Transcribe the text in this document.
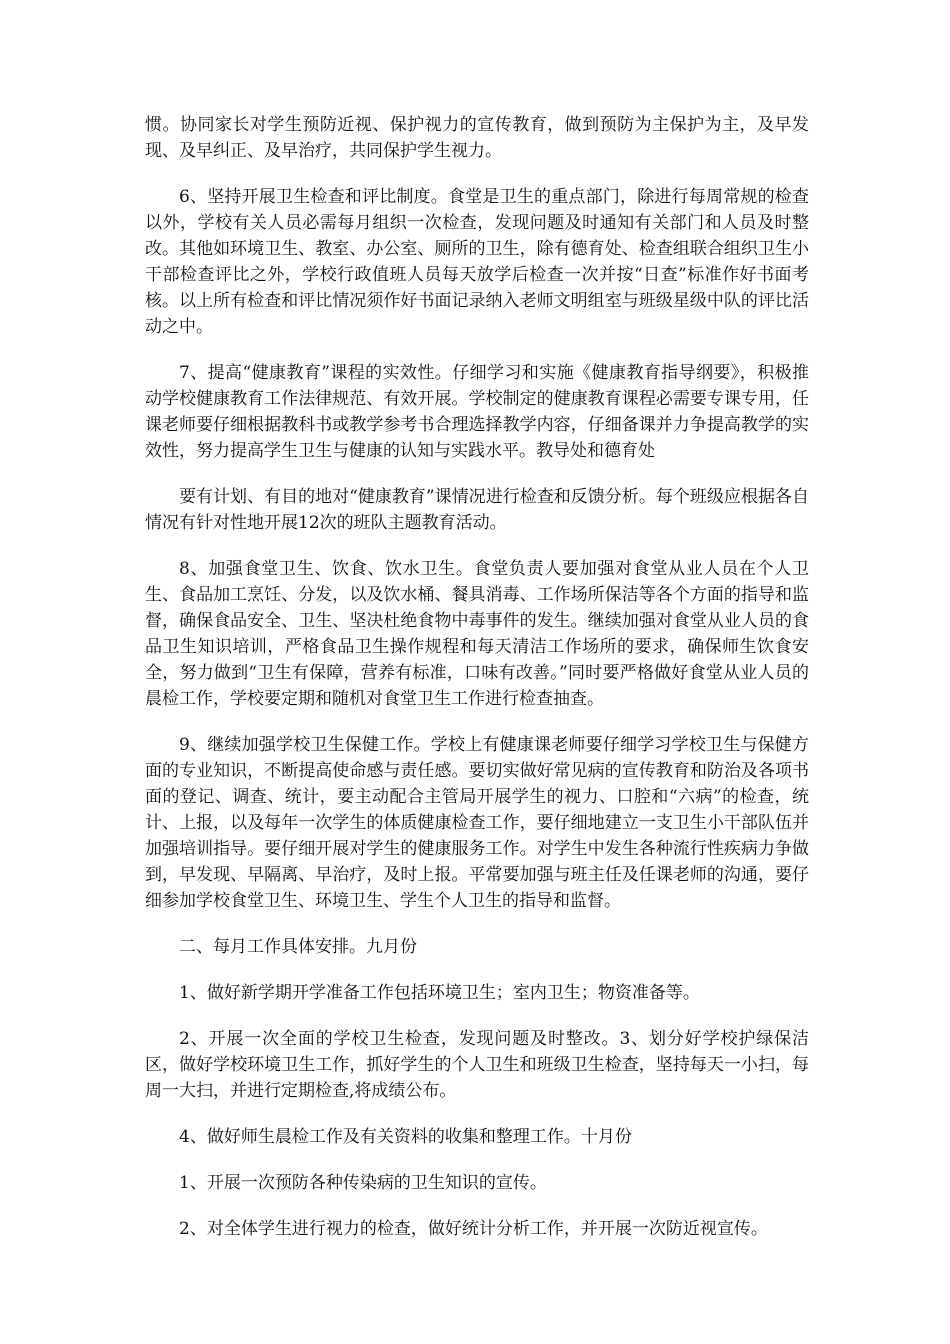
惯。协同家长对学生预防近视、保护视力的宣传教育，做到预防为主保护为主，及早发现、及早纠正、及早治疗，共同保护学生视力。

6、坚持开展卫生检查和评比制度。食堂是卫生的重点部门，除进行每周常规的检查以外，学校有关人员必需每月组织一次检查，发现问题及时通知有关部门和人员及时整改。其他如环境卫生、教室、办公室、厕所的卫生，除有德育处、检查组联合组织卫生小干部检查评比之外，学校行政值班人员每天放学后检查一次并按“日查”标准作好书面考核。以上所有检查和评比情况须作好书面记录纳入老师文明组室与班级星级中队的评比活动之中。

7、提高“健康教育”课程的实效性。仔细学习和实施《健康教育指导纲要》，积极推动学校健康教育工作法律规范、有效开展。学校制定的健康教育课程必需要专课专用，任课老师要仔细根据教科书或教学参考书合理选择教学内容，仔细备课并力争提高教学的实效性，努力提高学生卫生与健康的认知与实践水平。教导处和德育处

要有计划、有目的地对“健康教育”课情况进行检查和反馈分析。每个班级应根据各自情况有针对性地开展12次的班队主题教育活动。

8、加强食堂卫生、饮食、饮水卫生。食堂负责人要加强对食堂从业人员在个人卫生、食品加工烹饪、分发，以及饮水桶、餐具消毒、工作场所保洁等各个方面的指导和监督，确保食品安全、卫生、坚决杜绝食物中毒事件的发生。继续加强对食堂从业人员的食品卫生知识培训，严格食品卫生操作规程和每天清洁工作场所的要求，确保师生饮食安全，努力做到“卫生有保障，营养有标准，口味有改善。”同时要严格做好食堂从业人员的晨检工作，学校要定期和随机对食堂卫生工作进行检查抽查。

9、继续加强学校卫生保健工作。学校上有健康课老师要仔细学习学校卫生与保健方面的专业知识，不断提高使命感与责任感。要切实做好常见病的宣传教育和防治及各项书面的登记、调查、统计，要主动配合主管局开展学生的视力、口腔和“六病”的检查，统计、上报，以及每年一次学生的体质健康检查工作，要仔细地建立一支卫生小干部队伍并加强培训指导。要仔细开展对学生的健康服务工作。对学生中发生各种流行性疾病力争做到，早发现、早隔离、早治疗，及时上报。平常要加强与班主任及任课老师的沟通，要仔细参加学校食堂卫生、环境卫生、学生个人卫生的指导和监督。

二、每月工作具体安排。九月份

1、做好新学期开学准备工作包括环境卫生；室内卫生；物资准备等。

2、开展一次全面的学校卫生检查，发现问题及时整改。3、划分好学校护绿保洁区，做好学校环境卫生工作，抓好学生的个人卫生和班级卫生检查，坚持每天一小扫，每周一大扫，并进行定期检查,将成绩公布。

4、做好师生晨检工作及有关资料的收集和整理工作。十月份

1、开展一次预防各种传染病的卫生知识的宣传。

2、对全体学生进行视力的检查，做好统计分析工作，并开展一次防近视宣传。
